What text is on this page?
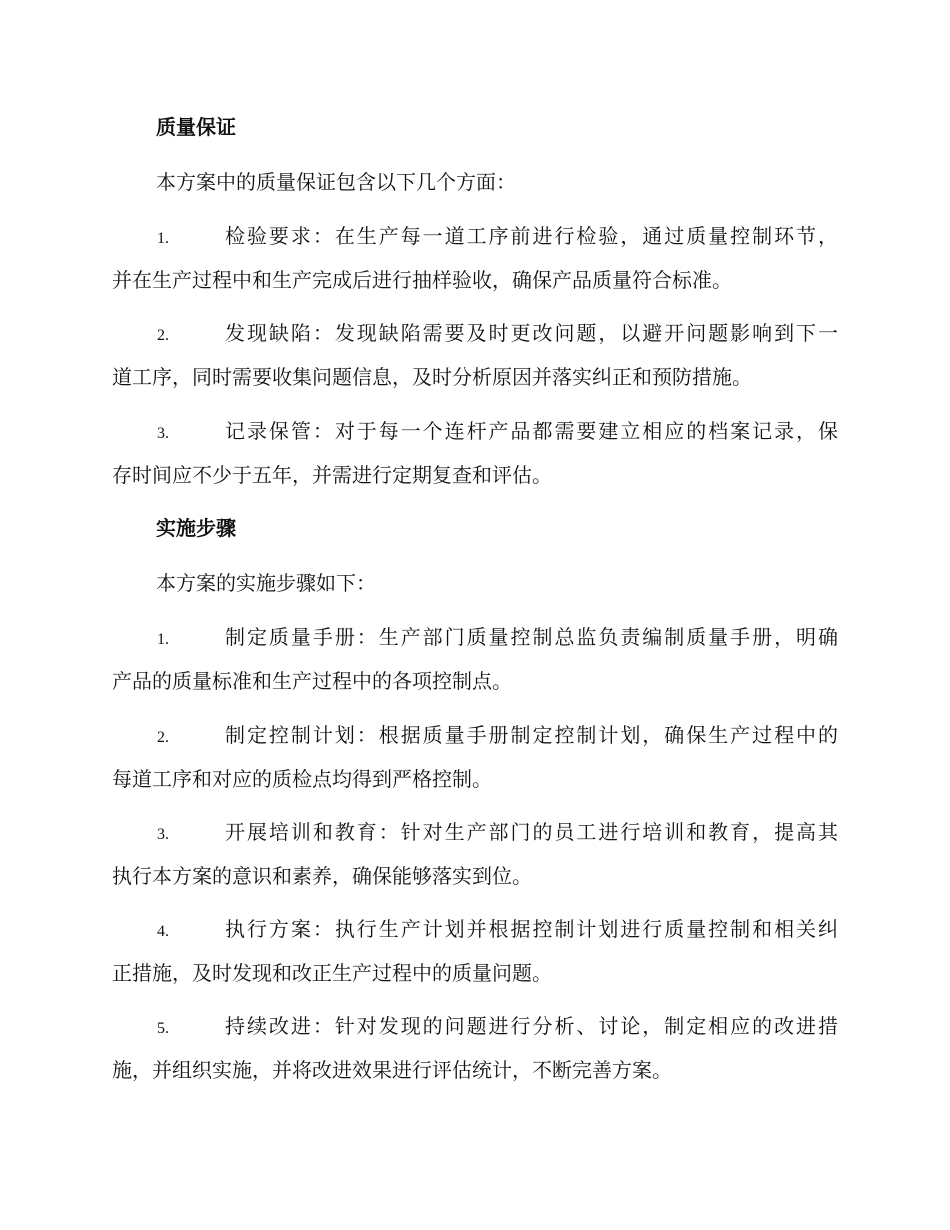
质量保证
本方案中的质量保证包含以下几个方面：
1.	检验要求：在生产每一道工序前进行检验，通过质量控制环节，
并在生产过程中和生产完成后进行抽样验收，确保产品质量符合标准。
2.	发现缺陷：发现缺陷需要及时更改问题，以避开问题影响到下一
道工序，同时需要收集问题信息，及时分析原因并落实纠正和预防措施。
3.	记录保管：对于每一个连杆产品都需要建立相应的档案记录，保
存时间应不少于五年，并需进行定期复查和评估。
实施步骤
本方案的实施步骤如下：
1.	制定质量手册：生产部门质量控制总监负责编制质量手册，明确
产品的质量标准和生产过程中的各项控制点。
2.	制定控制计划：根据质量手册制定控制计划，确保生产过程中的
每道工序和对应的质检点均得到严格控制。
3.	开展培训和教育：针对生产部门的员工进行培训和教育，提高其
执行本方案的意识和素养，确保能够落实到位。
4.	执行方案：执行生产计划并根据控制计划进行质量控制和相关纠
正措施，及时发现和改正生产过程中的质量问题。
5.	持续改进：针对发现的问题进行分析、讨论，制定相应的改进措
施，并组织实施，并将改进效果进行评估统计，不断完善方案。
